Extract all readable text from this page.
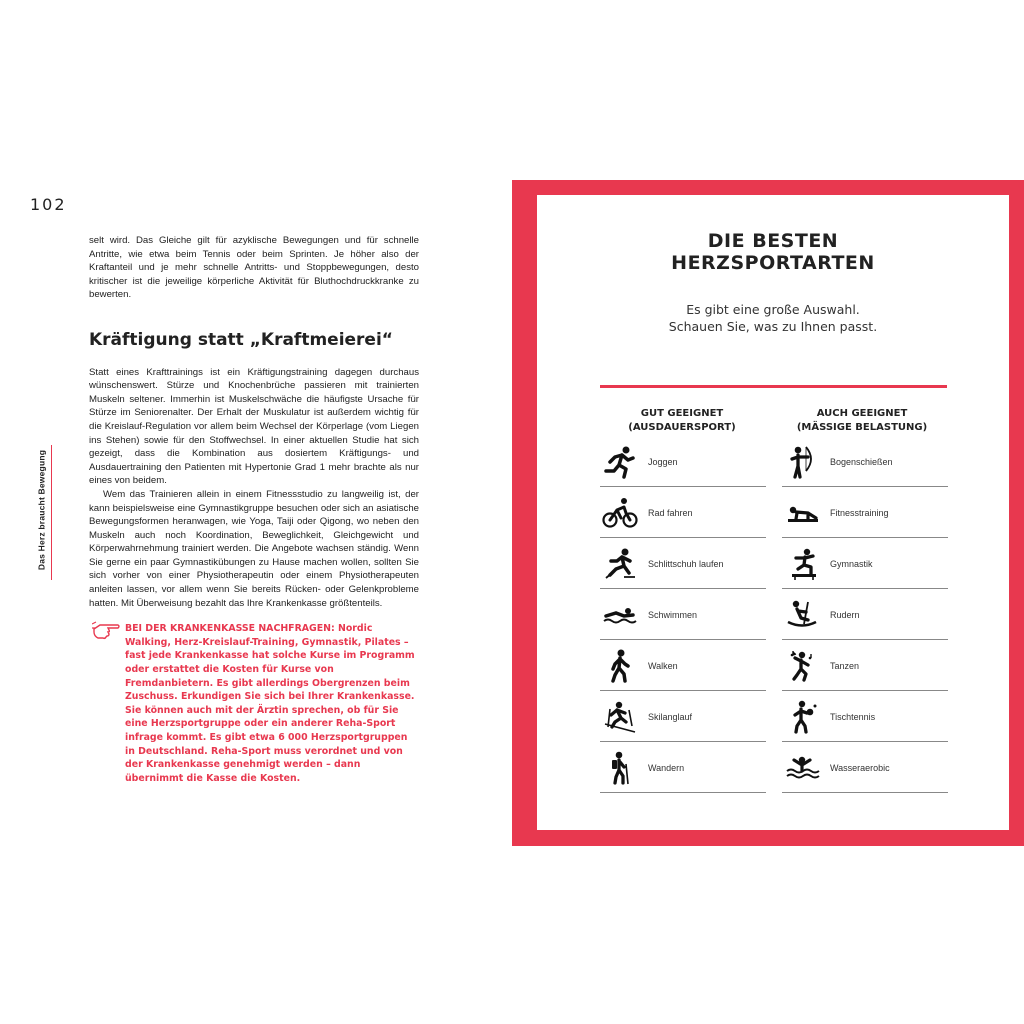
102
Das Herz braucht Bewegung

selt wird. Das Gleiche gilt für azyklische Bewegungen und für schnelle Antritte, wie etwa beim Tennis oder beim Sprinten. Je höher also der Kraftanteil und je mehr schnelle Antritts- und Stoppbewegungen, desto kritischer ist die jeweilige körperliche Aktivität für Bluthochdruckkranke zu bewerten.

Kräftigung statt „Kraftmeierei“

Statt eines Krafttrainings ist ein Kräftigungstraining dagegen durchaus wünschenswert. Stürze und Knochenbrüche passieren mit trainierten Muskeln seltener. Immerhin ist Muskelschwäche die häufigste Ursache für Stürze im Seniorenalter. Der Erhalt der Muskulatur ist außerdem wichtig für die Kreislauf-Regulation vor allem beim Wechsel der Körperlage (vom Liegen ins Stehen) sowie für den Stoffwechsel. In einer aktuellen Studie hat sich gezeigt, dass die Kombination aus dosiertem Kräftigungs- und Ausdauertraining den Patienten mit Hypertonie Grad 1 mehr brachte als nur eines von beidem.

Wem das Trainieren allein in einem Fitnessstudio zu langweilig ist, der kann beispielsweise eine Gymnastikgruppe besuchen oder sich an asiatische Bewegungsformen heranwagen, wie Yoga, Taiji oder Qigong, wo neben den Muskeln auch noch Koordination, Beweglichkeit, Gleichgewicht und Körperwahrnehmung trainiert werden. Die Angebote wachsen ständig. Wenn Sie gerne ein paar Gymnastikübungen zu Hause machen wollen, sollten Sie sich vorher von einer Physiotherapeutin oder einem Physiotherapeuten anleiten lassen, vor allem wenn Sie bereits Rücken- oder Gelenkprobleme hatten. Mit Überweisung bezahlt das Ihre Krankenkasse größtenteils.

BEI DER KRANKENKASSE NACHFRAGEN: Nordic Walking, Herz-Kreislauf-Training, Gymnastik, Pilates – fast jede Krankenkasse hat solche Kurse im Programm oder erstattet die Kosten für Kurse von Fremdanbietern. Es gibt allerdings Obergrenzen beim Zuschuss. Erkundigen Sie sich bei Ihrer Krankenkasse. Sie können auch mit der Ärztin sprechen, ob für Sie eine Herzsportgruppe oder ein anderer Reha-Sport infrage kommt. Es gibt etwa 6 000 Herzsportgruppen in Deutschland. Reha-Sport muss verordnet und von der Krankenkasse genehmigt werden – dann übernimmt die Kasse die Kosten.
DIE BESTEN
HERZSPORTARTEN
Es gibt eine große Auswahl.
Schauen Sie, was zu Ihnen passt.
GUT GEEIGNET
(AUSDAUERSPORT)
AUCH GEEIGNET
(MÄSSIGE BELASTUNG)
Joggen
Rad fahren
Schlittschuh laufen
Schwimmen
Walken
Skilanglauf
Wandern
Bogenschießen
Fitnesstraining
Gymnastik
Rudern
Tanzen
Tischtennis
Wasseraerobic
